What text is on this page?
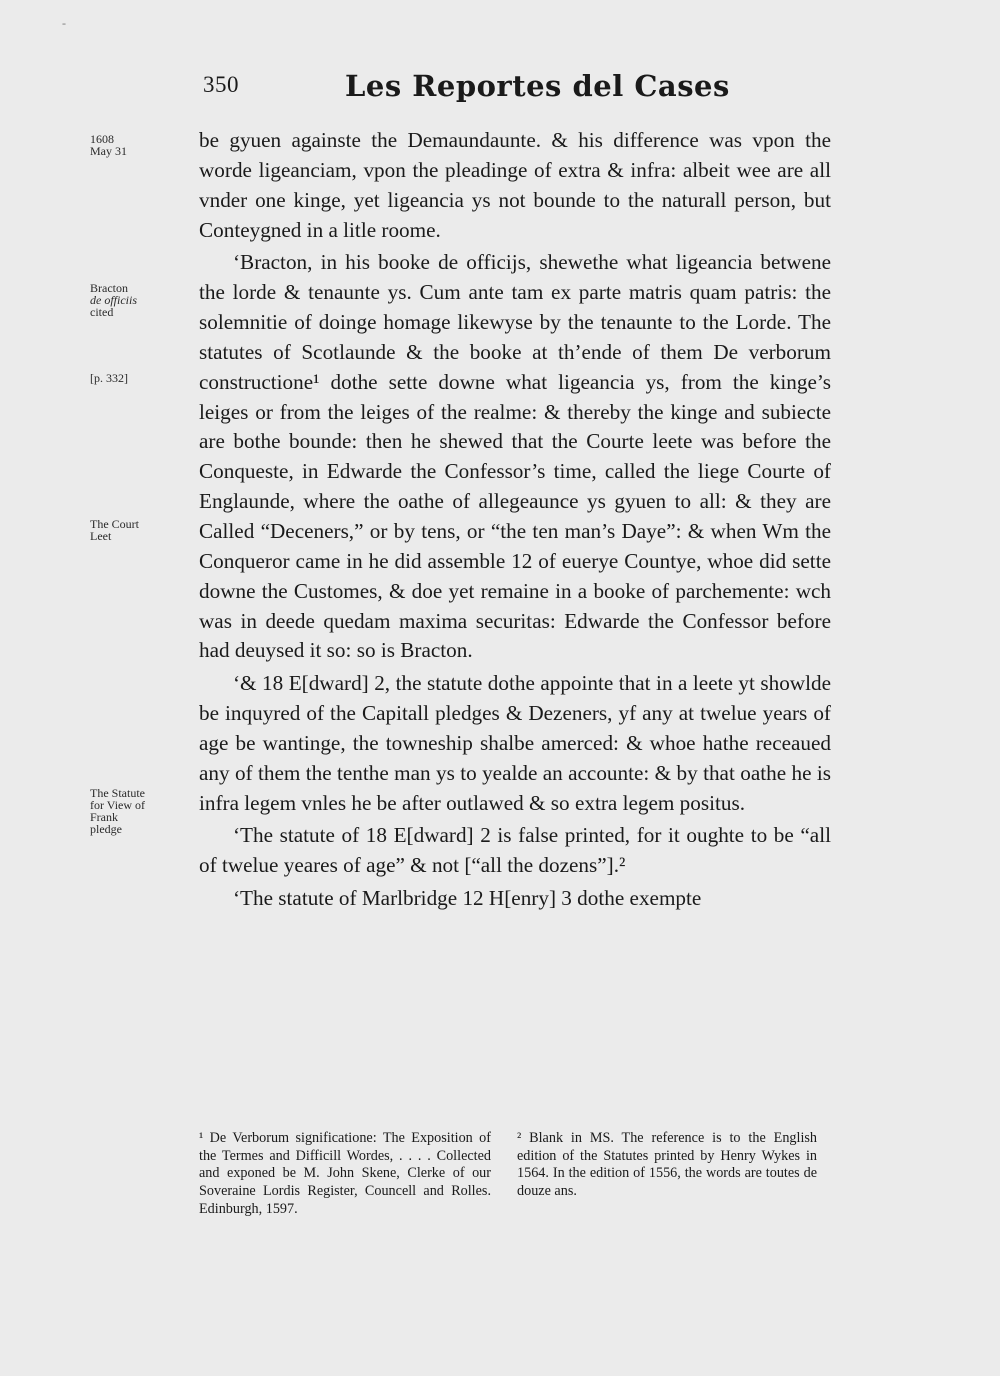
-
350	Les Reportes del Cases
1608
May 31
Bracton
de officiis
cited
[p. 332]
The Court
Leet
The Statute
for View of
Frank
pledge

be gyuen againste the Demaundaunte. & his difference was vpon the worde ligeanciam, vpon the pleadinge of extra & infra: albeit wee are all vnder one kinge, yet ligeancia ys not bounde to the naturall person, but Conteygned in a litle roome.

‘Bracton, in his booke de officijs, shewethe what ligeancia betwene the lorde & tenaunte ys. Cum ante tam ex parte matris quam patris: the solemnitie of doinge homage likewyse by the tenaunte to the Lorde. The statutes of Scotlaunde & the booke at th’ende of them De verborum constructione¹ dothe sette downe what ligeancia ys, from the kinge’s leiges or from the leiges of the realme: & thereby the kinge and subiecte are bothe bounde: then he shewed that the Courte leete was before the Conqueste, in Edwarde the Confessor’s time, called the liege Courte of Englaunde, where the oathe of allegeaunce ys gyuen to all: & they are Called “Deceners,” or by tens, or “the ten man’s Daye”: & when Wm the Conqueror came in he did assemble 12 of euerye Countye, whoe did sette downe the Customes, & doe yet remaine in a booke of parchemente: wch was in deede quedam maxima securitas: Edwarde the Confessor before had deuysed it so: so is Bracton.

‘& 18 E[dward] 2, the statute dothe appointe that in a leete yt showlde be inquyred of the Capitall pledges & Dezeners, yf any at twelue years of age be wantinge, the towneship shalbe amerced: & whoe hathe receaued any of them the tenthe man ys to yealde an accounte: & by that oathe he is infra legem vnles he be after outlawed & so extra legem positus.

‘The statute of 18 E[dward] 2 is false printed, for it oughte to be “all of twelue yeares of age” & not [“all the dozens”].²

‘The statute of Marlbridge 12 H[enry] 3 dothe exempte

¹ De Verborum significatione: The Exposition of the Termes and Difficill Wordes, . . . . Collected and exponed be M. John Skene, Clerke of our Soveraine Lordis Register, Councell and Rolles. Edinburgh, 1597.
² Blank in MS. The reference is to the English edition of the Statutes printed by Henry Wykes in 1564. In the edition of 1556, the words are toutes de douze ans.
